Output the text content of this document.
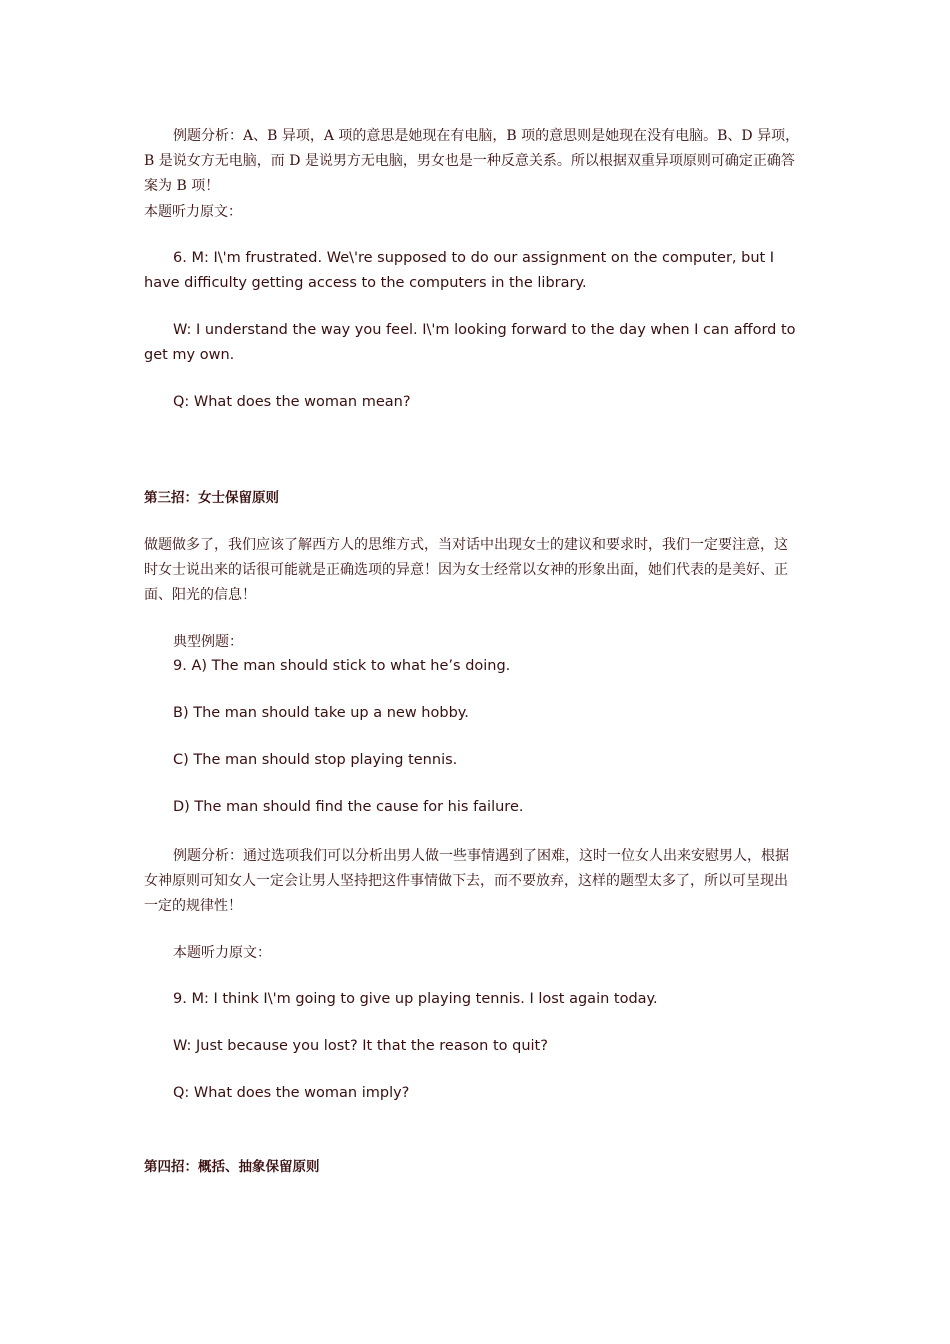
例题分析：A、B 异项，A 项的意思是她现在有电脑，B 项的意思则是她现在没有电脑。B、D 异项，
B 是说女方无电脑，而 D 是说男方无电脑，男女也是一种反意关系。所以根据双重异项原则可确定正确答
案为 B 项！
本题听力原文：
6. M: I\'m frustrated. We\'re supposed to do our assignment on the computer, but I
have difficulty getting access to the computers in the library.
W: I understand the way you feel. I\'m looking forward to the day when I can afford to
get my own.
Q: What does the woman mean?
第三招：女士保留原则
做题做多了，我们应该了解西方人的思维方式，当对话中出现女士的建议和要求时，我们一定要注意，这
时女士说出来的话很可能就是正确选项的异意！因为女士经常以女神的形象出面，她们代表的是美好、正
面、阳光的信息！
典型例题：
9. A) The man should stick to what he’s doing.
B) The man should take up a new hobby.
C) The man should stop playing tennis.
D) The man should find the cause for his failure.
例题分析：通过选项我们可以分析出男人做一些事情遇到了困难，这时一位女人出来安慰男人，根据
女神原则可知女人一定会让男人坚持把这件事情做下去，而不要放弃，这样的题型太多了，所以可呈现出
一定的规律性！
本题听力原文：
9. M: I think I\'m going to give up playing tennis. I lost again today.
W: Just because you lost? It that the reason to quit?
Q: What does the woman imply?
第四招：概括、抽象保留原则
